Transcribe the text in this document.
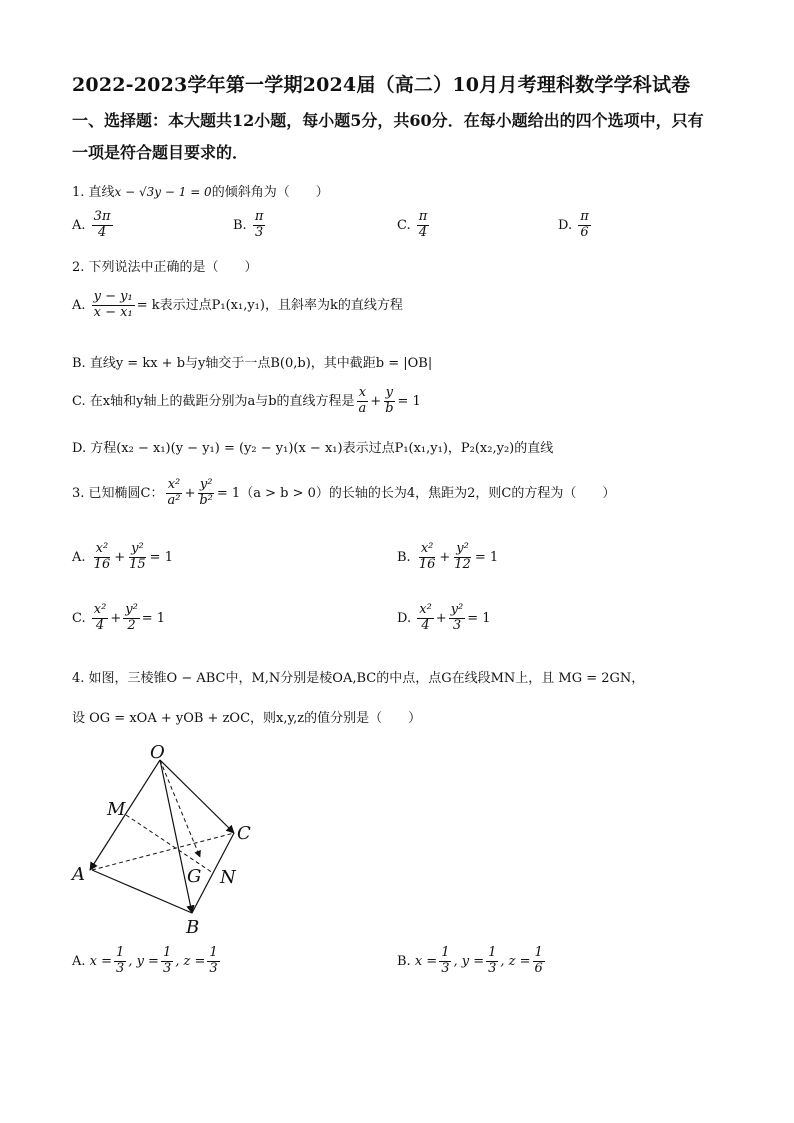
2022-2023学年第一学期2024届（高二）10月月考理科数学学科试卷
一、选择题：本大题共12小题，每小题5分，共60分．在每小题给出的四个选项中，只有
一项是符合题目要求的．
1. 直线x − √3y − 1 = 0的倾斜角为（　　）
A. $\frac{3\pi}{4}$	B. $\frac{\pi}{3}$	C. $\frac{\pi}{4}$	D. $\frac{\pi}{6}$
2. 下列说法中正确的是（　　）
A. $\frac{\text{y − y₁}}{\text{x − x₁}} = k$表示过点P₁(x₁,y₁)，且斜率为k的直线方程
B. 直线y = kx + b与y轴交于一点B(0,b)，其中截距b = |OB|
C. 在x轴和y轴上的截距分别为a与b的直线方程是 $\frac{x}{a} + \frac{y}{b} = 1$
D. 方程(x₂ − x₁)(y − y₁) = (y₂ − y₁)(x − x₁)表示过点P₁(x₁,y₁)，P₂(x₂,y₂)的直线
3. 已知椭圆C： $\frac{\text{x²}}{\text{a²}} + \frac{\text{y²}}{\text{b²}} = 1(a > b > 0)$的长轴的长为4，焦距为2，则C的方程为（　　）
A. $\frac{\text{x²}}{16} + \frac{\text{y²}}{15} = 1$	B. $\frac{\text{x²}}{16} + \frac{\text{y²}}{12} = 1$
C. $\frac{\text{x²}}{4} + \frac{\text{y²}}{2} = 1$	D. $\frac{\text{x²}}{4} + \frac{\text{y²}}{3} = 1$
4. 如图，三棱锥O − ABC中，M,N分别是棱OA,BC的中点，点G在线段MN上，且 MG = 2GN，
设 OG = xOA + yOB + zOC，则x,y,z的值分别是（　　）
O
M
C
A	G N
B
A. $x = \frac{1}{3}$ , $y = \frac{1}{3}$ , $z = \frac{1}{3}$	B. $x = \frac{1}{3}$ , $y = \frac{1}{3}$ , $z = \frac{1}{6}$
